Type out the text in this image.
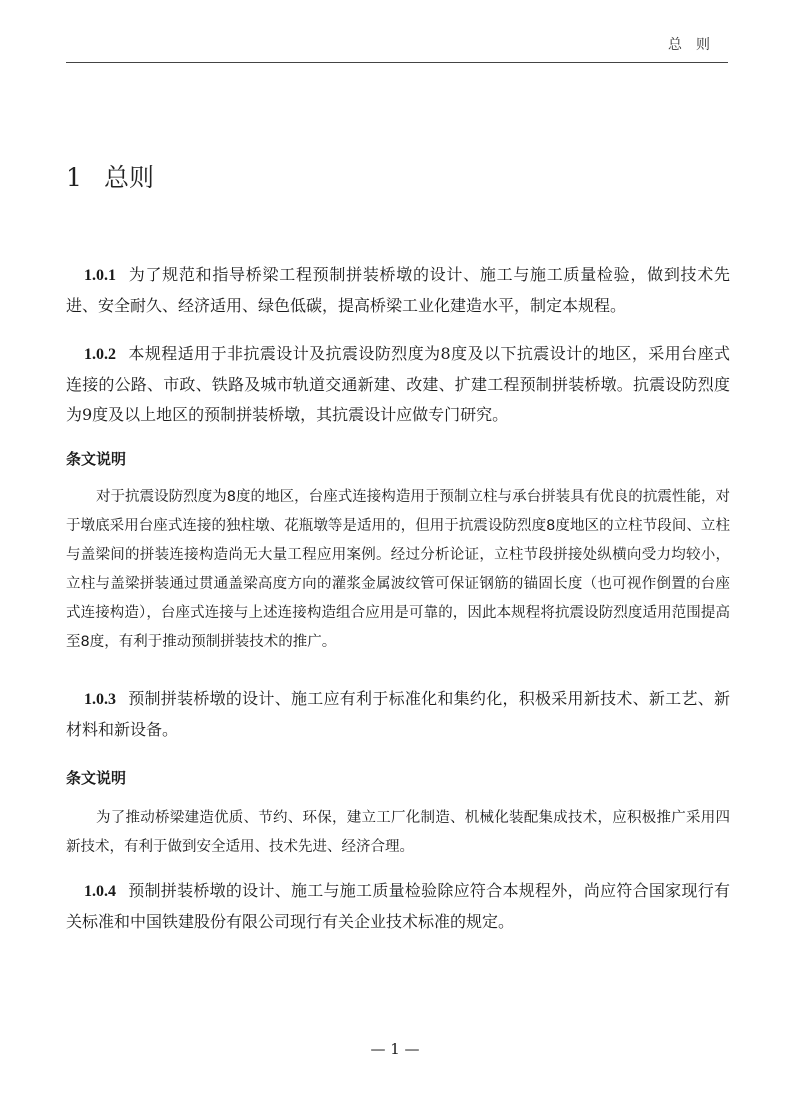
总则
1 总则

1.0.1 为了规范和指导桥梁工程预制拼装桥墩的设计、施工与施工质量检验，做到技术先进、安全耐久、经济适用、绿色低碳，提高桥梁工业化建造水平，制定本规程。

1.0.2 本规程适用于非抗震设计及抗震设防烈度为8度及以下抗震设计的地区，采用台座式连接的公路、市政、铁路及城市轨道交通新建、改建、扩建工程预制拼装桥墩。抗震设防烈度为9度及以上地区的预制拼装桥墩，其抗震设计应做专门研究。

条文说明

对于抗震设防烈度为8度的地区，台座式连接构造用于预制立柱与承台拼装具有优良的抗震性能，对于墩底采用台座式连接的独柱墩、花瓶墩等是适用的，但用于抗震设防烈度8度地区的立柱节段间、立柱与盖梁间的拼装连接构造尚无大量工程应用案例。经过分析论证，立柱节段拼接处纵横向受力均较小，立柱与盖梁拼装通过贯通盖梁高度方向的灌浆金属波纹管可保证钢筋的锚固长度（也可视作倒置的台座式连接构造），台座式连接与上述连接构造组合应用是可靠的，因此本规程将抗震设防烈度适用范围提高至8度，有利于推动预制拼装技术的推广。

1.0.3 预制拼装桥墩的设计、施工应有利于标准化和集约化，积极采用新技术、新工艺、新材料和新设备。

条文说明

为了推动桥梁建造优质、节约、环保，建立工厂化制造、机械化装配集成技术，应积极推广采用四新技术，有利于做到安全适用、技术先进、经济合理。

1.0.4 预制拼装桥墩的设计、施工与施工质量检验除应符合本规程外，尚应符合国家现行有关标准和中国铁建股份有限公司现行有关企业技术标准的规定。

— 1 —
